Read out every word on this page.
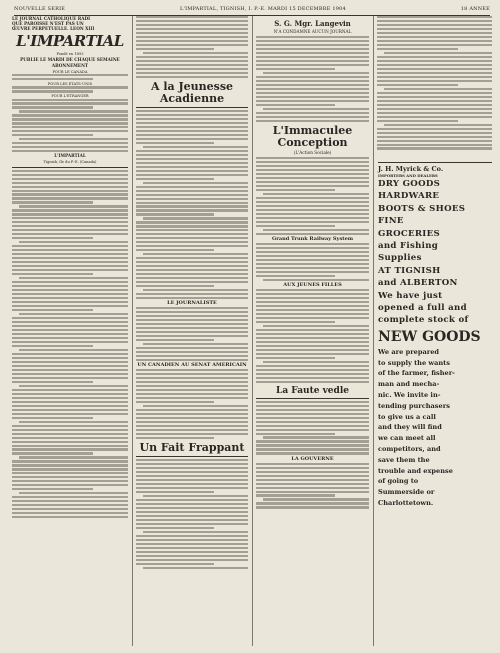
NOUVELLE SERIE	L'IMPARTIAL, TIGNISH, I. P.-E. MARDI 15 DECEMBRE 1904	18 ANNEE
LE JOURNAL CATHOLIQUE RADI
QUE PAROISSE N'EST PAS UN
ŒUVRE PERPETUELLE. LEON XIII
L'IMPARTIAL
Fondé en 1893
PUBLIE LE MARDI DE CHAQUE SEMAINE
ABONNEMENT
POUR LE CANADA
POUR LES ETATS-UNIS
POUR L'ETRANGER
L'IMPARTIAL
Tignish, Ile du P.-E. (Canada)
A la Jeunesse Acadienne
LE JOURNALISTE
UN CANADIEN AU SENAT AMERICAIN
Un Fait Frappant
S. G. Mgr. Langevin
N'A CONDAMNE AUCUN JOURNAL
L'Immaculee Conception
(L'Action Sociale)
Grand Trunk Railway System
AUX JEUNES FILLES
La Faute vedle
LA GOUVERNE
J. H. Myrick & Co.
IMPORTERS AND DEALERS
DRY GOODS
HARDWARE
BOOTS & SHOES
FINE
GROCERIES
and Fishing
Supplies
AT TIGNISH
and ALBERTON
We have just
opened a full and
complete stock of
NEW GOODS
We are prepared
to supply the wants
of the farmer, fisher-
man and mecha-
nic. We invite in-
tending purchasers
to give us a call
and they will find
we can meet all
competitors, and
save them the
trouble and expense
of going to
Summerside or
Charlottetown.
